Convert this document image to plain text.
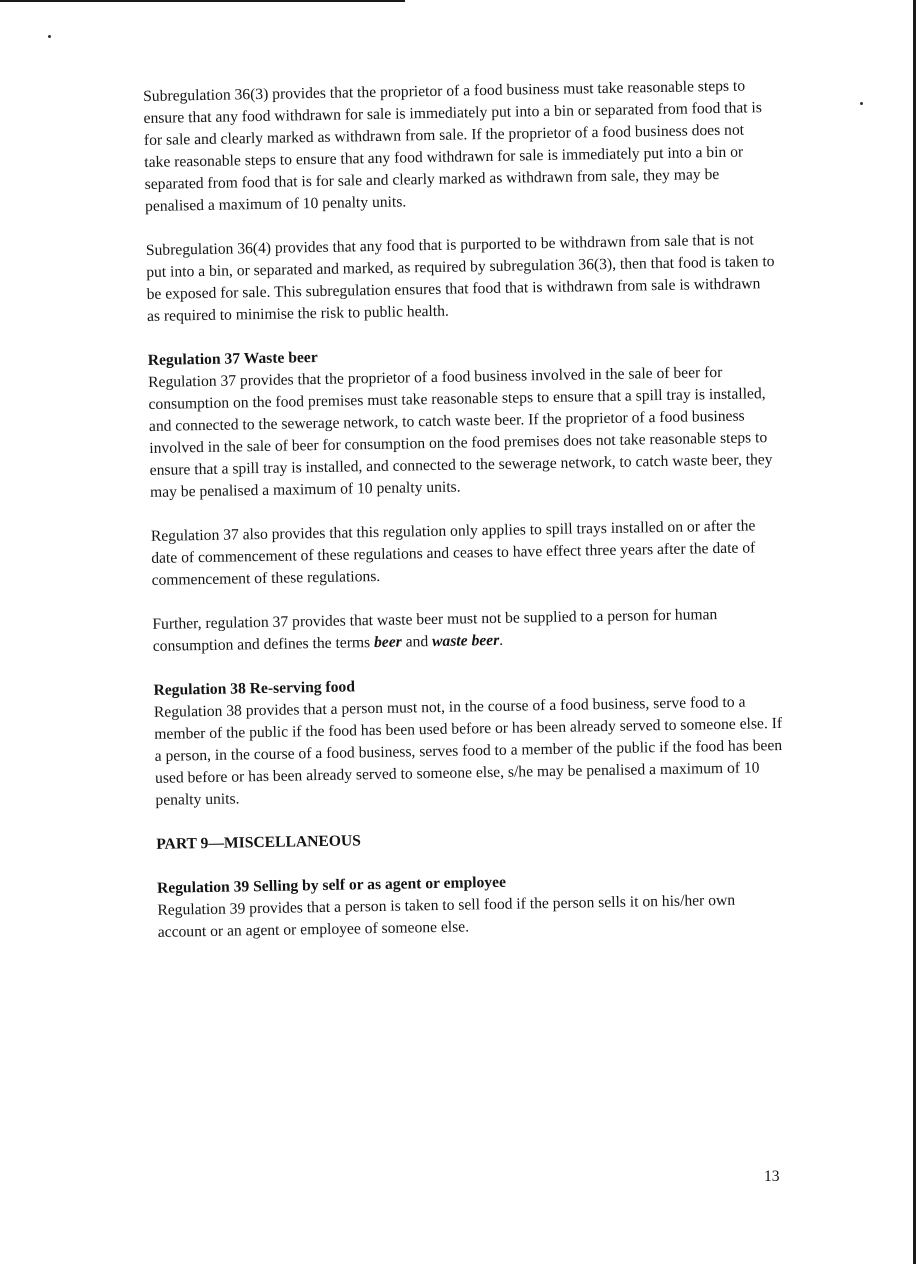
Subregulation 36(3) provides that the proprietor of a food business must take reasonable steps to ensure that any food withdrawn for sale is immediately put into a bin or separated from food that is for sale and clearly marked as withdrawn from sale. If the proprietor of a food business does not take reasonable steps to ensure that any food withdrawn for sale is immediately put into a bin or separated from food that is for sale and clearly marked as withdrawn from sale, they may be penalised a maximum of 10 penalty units.

Subregulation 36(4) provides that any food that is purported to be withdrawn from sale that is not put into a bin, or separated and marked, as required by subregulation 36(3), then that food is taken to be exposed for sale. This subregulation ensures that food that is withdrawn from sale is withdrawn as required to minimise the risk to public health.

Regulation 37 Waste beer

Regulation 37 provides that the proprietor of a food business involved in the sale of beer for consumption on the food premises must take reasonable steps to ensure that a spill tray is installed, and connected to the sewerage network, to catch waste beer. If the proprietor of a food business involved in the sale of beer for consumption on the food premises does not take reasonable steps to ensure that a spill tray is installed, and connected to the sewerage network, to catch waste beer, they may be penalised a maximum of 10 penalty units.

Regulation 37 also provides that this regulation only applies to spill trays installed on or after the date of commencement of these regulations and ceases to have effect three years after the date of commencement of these regulations.

Further, regulation 37 provides that waste beer must not be supplied to a person for human consumption and defines the terms beer and waste beer.

Regulation 38 Re-serving food

Regulation 38 provides that a person must not, in the course of a food business, serve food to a member of the public if the food has been used before or has been already served to someone else. If a person, in the course of a food business, serves food to a member of the public if the food has been used before or has been already served to someone else, s/he may be penalised a maximum of 10 penalty units.

PART 9—MISCELLANEOUS
Regulation 39 Selling by self or as agent or employee

Regulation 39 provides that a person is taken to sell food if the person sells it on his/her own account or an agent or employee of someone else.

13
